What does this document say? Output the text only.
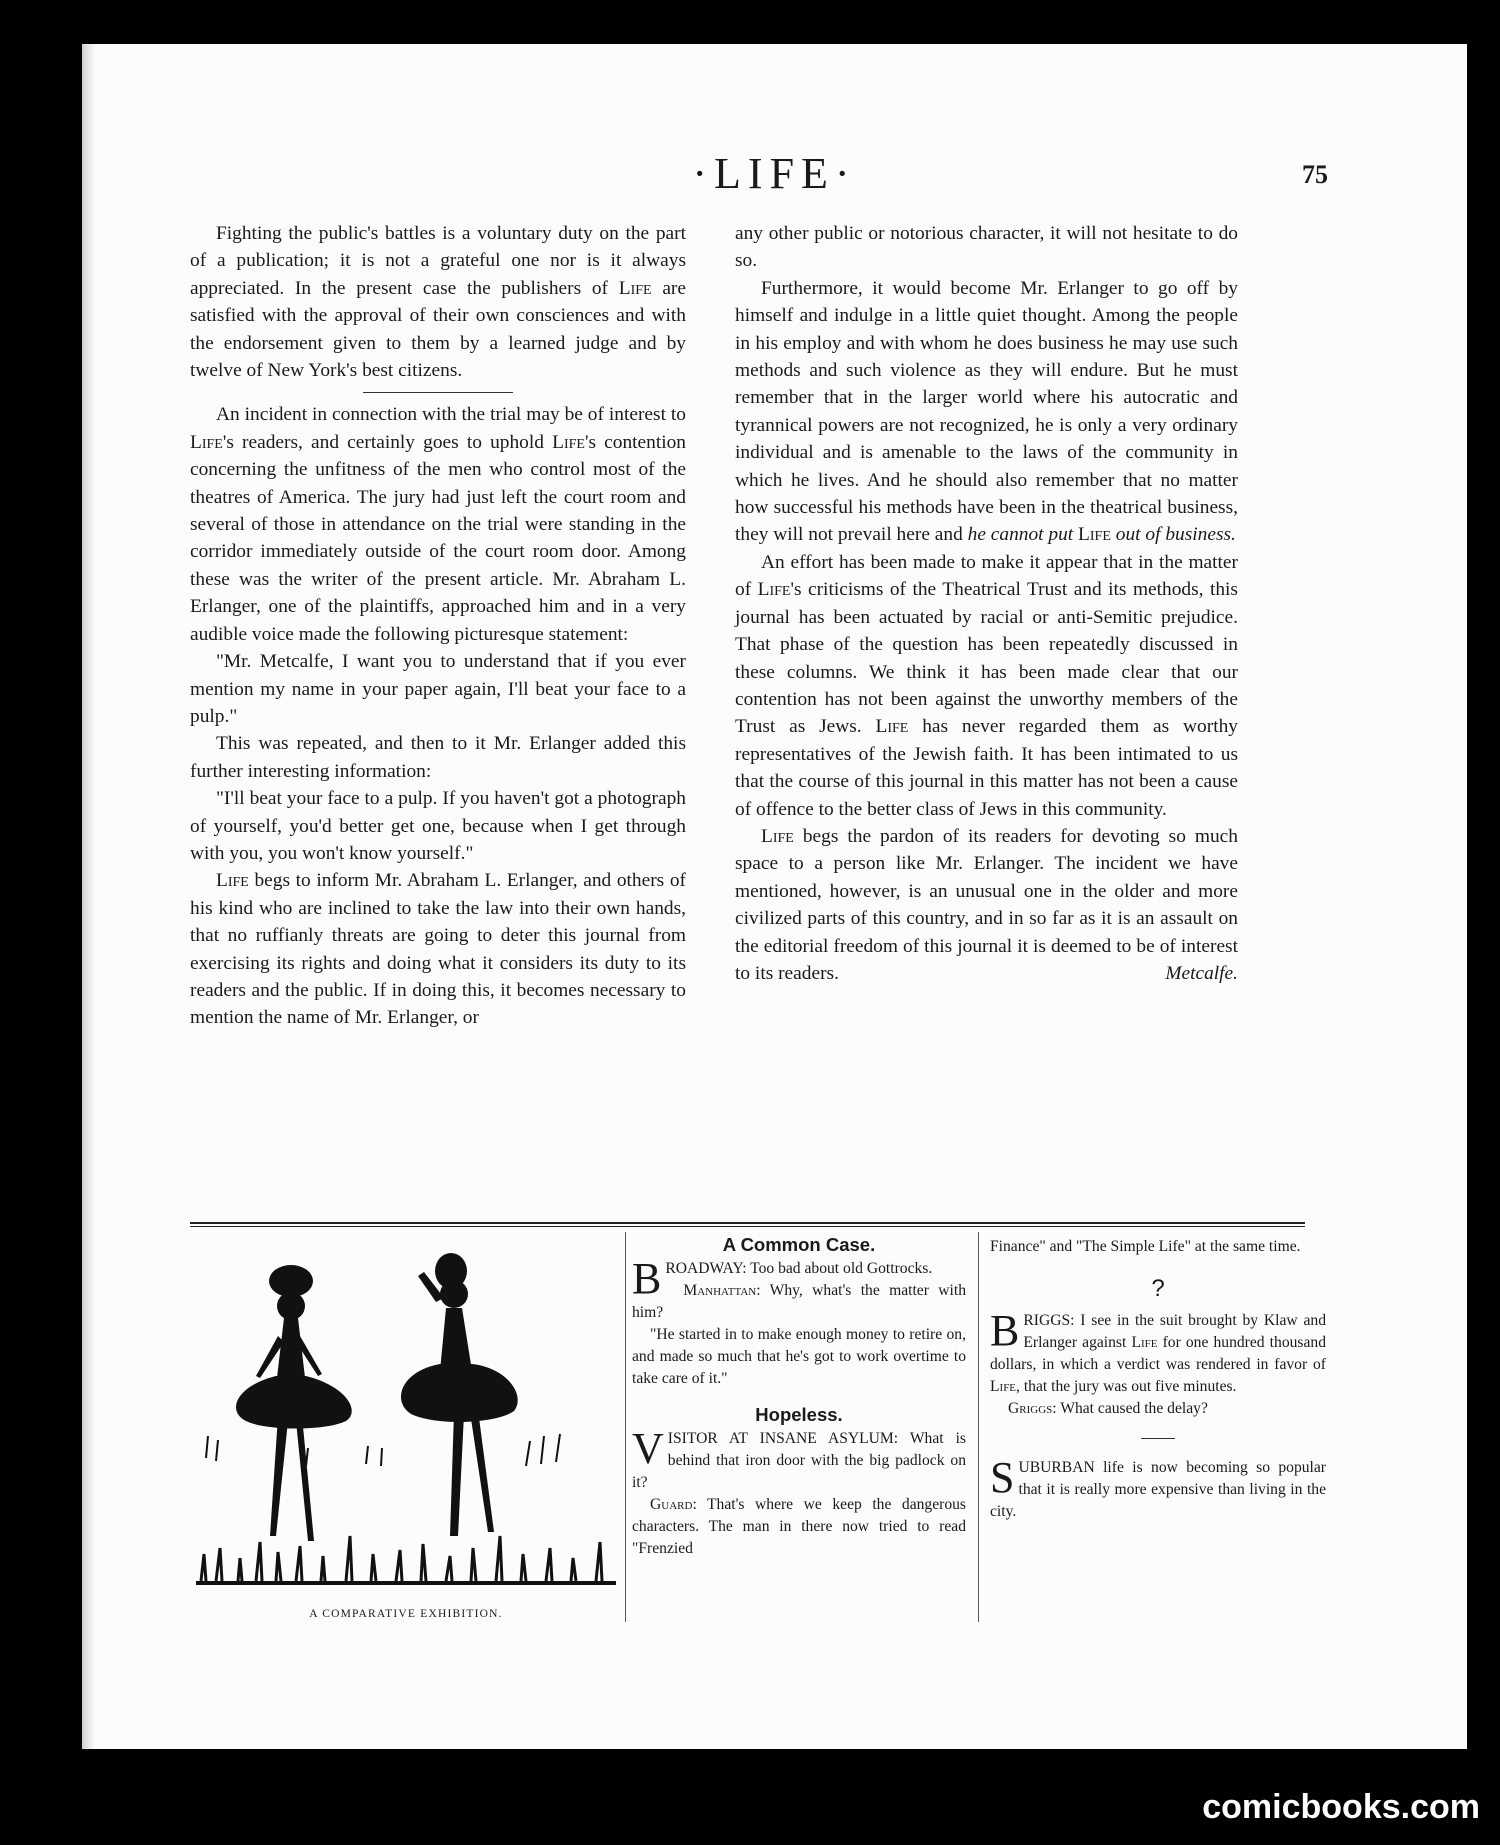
·LIFE·	75

Fighting the public's battles is a voluntary duty on the part of a publication; it is not a grateful one nor is it always appreciated. In the present case the publishers of Life are satisfied with the approval of their own consciences and with the endorsement given to them by a learned judge and by twelve of New York's best citizens.

An incident in connection with the trial may be of interest to Life's readers, and certainly goes to uphold Life's contention concerning the unfitness of the men who control most of the theatres of America. The jury had just left the court room and several of those in attendance on the trial were standing in the corridor immediately outside of the court room door. Among these was the writer of the present article. Mr. Abraham L. Erlanger, one of the plaintiffs, approached him and in a very audible voice made the following picturesque statement:

"Mr. Metcalfe, I want you to understand that if you ever mention my name in your paper again, I'll beat your face to a pulp."

This was repeated, and then to it Mr. Erlanger added this further interesting information:

"I'll beat your face to a pulp. If you haven't got a photograph of yourself, you'd better get one, because when I get through with you, you won't know yourself."

Life begs to inform Mr. Abraham L. Erlanger, and others of his kind who are inclined to take the law into their own hands, that no ruffianly threats are going to deter this journal from exercising its rights and doing what it considers its duty to its readers and the public. If in doing this, it becomes necessary to mention the name of Mr. Erlanger, or

any other public or notorious character, it will not hesitate to do so.

Furthermore, it would become Mr. Erlanger to go off by himself and indulge in a little quiet thought. Among the people in his employ and with whom he does business he may use such methods and such violence as they will endure. But he must remember that in the larger world where his autocratic and tyrannical powers are not recognized, he is only a very ordinary individual and is amenable to the laws of the community in which he lives. And he should also remember that no matter how successful his methods have been in the theatrical business, they will not prevail here and he cannot put Life out of business.

An effort has been made to make it appear that in the matter of Life's criticisms of the Theatrical Trust and its methods, this journal has been actuated by racial or anti-Semitic prejudice. That phase of the question has been repeatedly discussed in these columns. We think it has been made clear that our contention has not been against the unworthy members of the Trust as Jews. Life has never regarded them as worthy representatives of the Jewish faith. It has been intimated to us that the course of this journal in this matter has not been a cause of offence to the better class of Jews in this community.

Life begs the pardon of its readers for devoting so much space to a person like Mr. Erlanger. The incident we have mentioned, however, is an unusual one in the older and more civilized parts of this country, and in so far as it is an assault on the editorial freedom of this journal it is deemed to be of interest to its readers.	Metcalfe.

A COMPARATIVE EXHIBITION.
A Common Case.

BROADWAY: Too bad about old Gottrocks.

Manhattan: Why, what's the matter with him?

"He started in to make enough money to retire on, and made so much that he's got to work overtime to take care of it."

Hopeless.

VISITOR AT INSANE ASYLUM: What is behind that iron door with the big padlock on it?

Guard: That's where we keep the dangerous characters. The man in there now tried to read "Frenzied

Finance" and "The Simple Life" at the same time.

?

BRIGGS: I see in the suit brought by Klaw and Erlanger against Life for one hundred thousand dollars, in which a verdict was rendered in favor of Life, that the jury was out five minutes.

Griggs: What caused the delay?

SUBURBAN life is now becoming so popular that it is really more expensive than living in the city.

comicbooks.com
